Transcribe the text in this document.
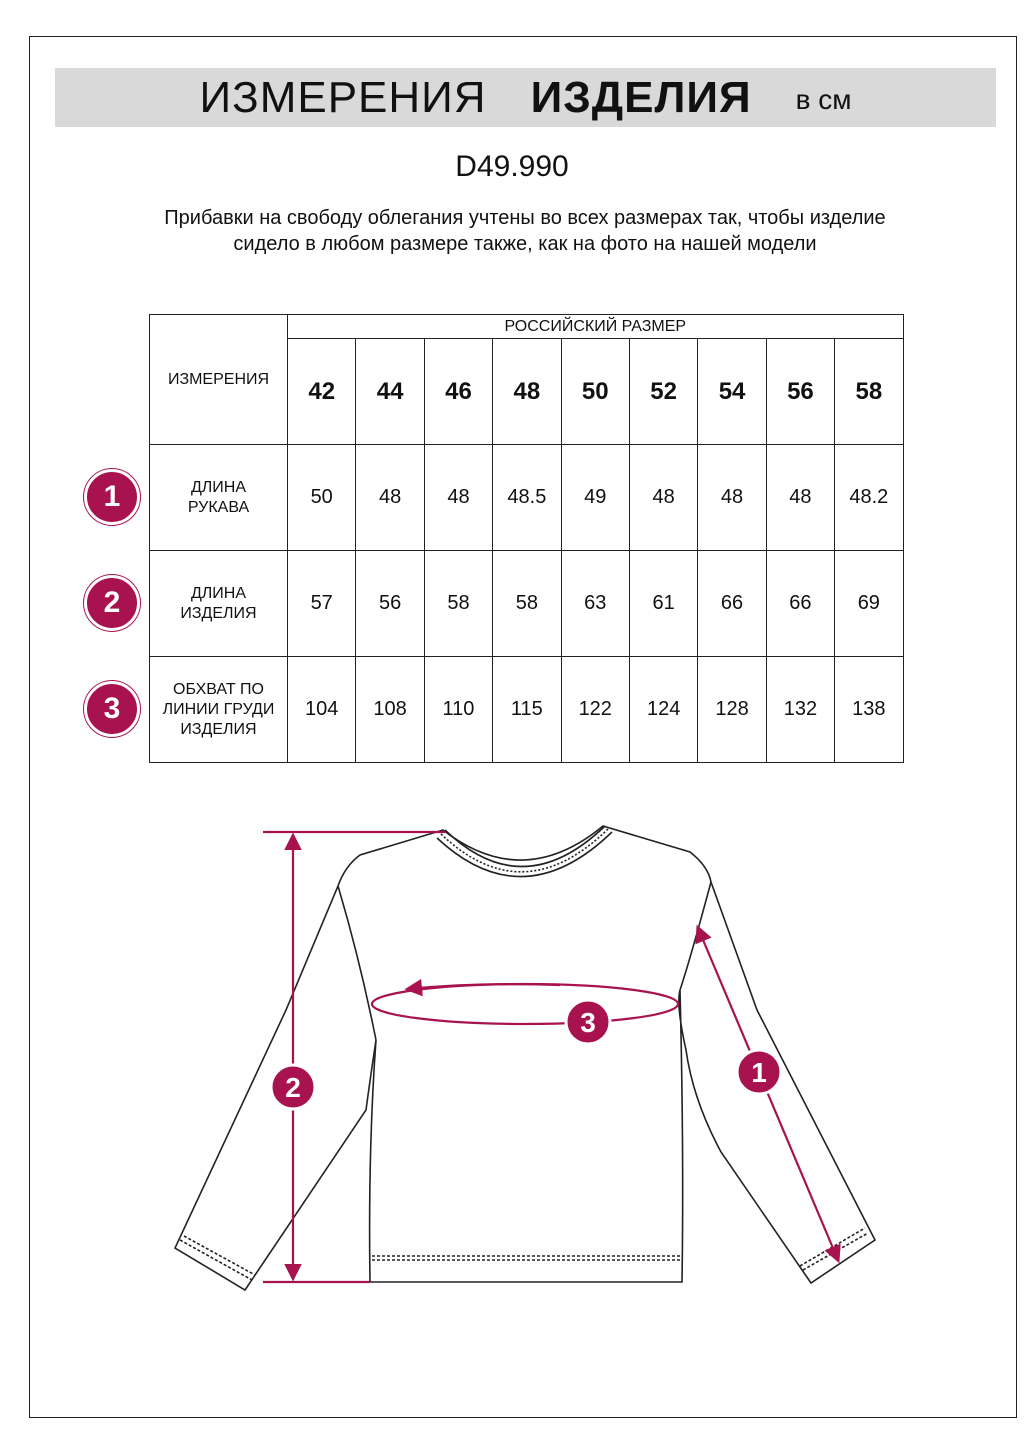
ИЗМЕРЕНИЯ ИЗДЕЛИЯ в см
D49.990
Прибавки на свободу облегания учтены во всех размерах так, чтобы изделие сидело в любом размере также, как на фото на нашей модели
ИЗМЕРЕНИЯ	РОССИЙСКИЙ РАЗМЕР								
	42	44	46	48	50	52	54	56	58

ДЛИНА
РУКАВА	50	48	48	48.5	49	48	48	48	48.2

ДЛИНА
ИЗДЕЛИЯ	57	56	58	58	63	61	66	66	69

ОБХВАТ ПО
ЛИНИИ ГРУДИ
ИЗДЕЛИЯ	104	108	110	115	122	124	128	132	138
1
2
3
2
3
1
